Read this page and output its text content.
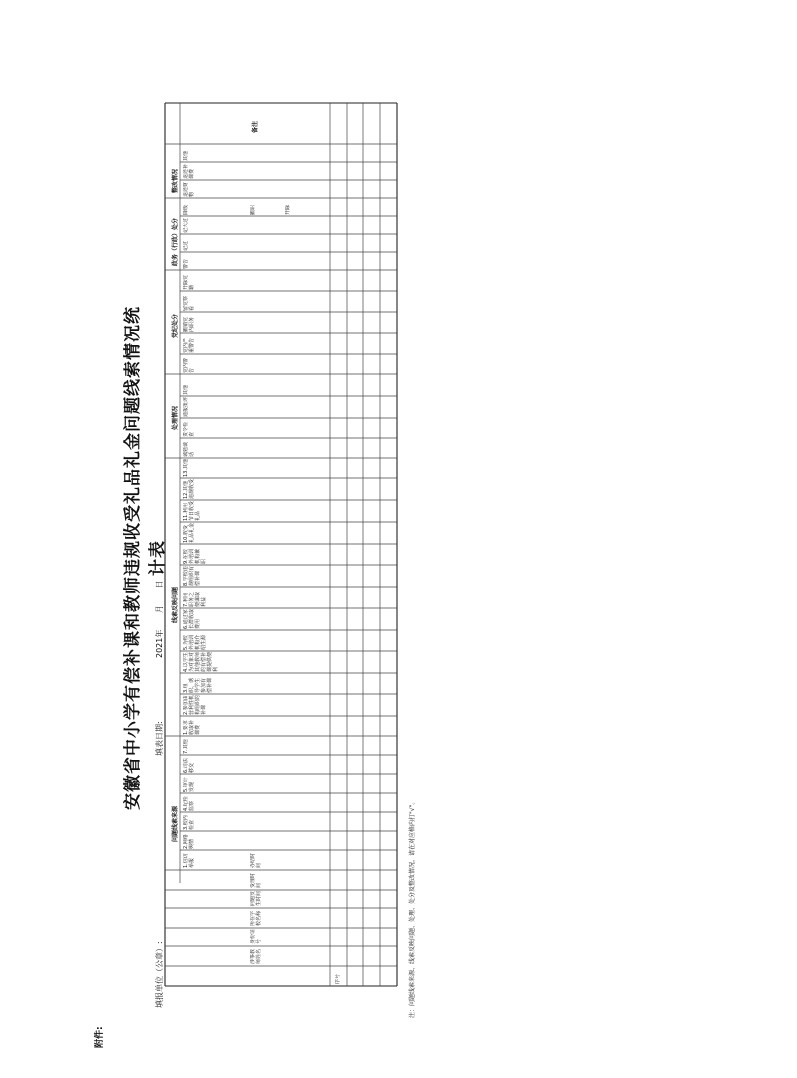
附件:
安徽省中小学有偿补课和教师违规收受礼品礼金问题线索情况统计表
填报单位（公章）:
填表日期:
2021年 月 日
序号
涉事教师姓名
身份证号
所在学校名称
问题发生时间
受理时间
办结时间
问题线索来源
线索反映问题
处理情况
党纪处分
政务（行政）处分
整改情况
备注
1.信访举报
2.网络舆情
3.校内检查
4.纪检监察
5.审计发现
6.司法移交
7.其他
1.要求收取补课费
2.参加由营利性机构组织的补课
3.组织、诱导学生参加有偿补课
4.以学生为对象对其他教师的有偿补课提供便利
5.为校外培训机构介绍生源
6.通过家长群收取费用
7.利用职务之便谋取利益
8.学校违规组织有偿补课
9.在校外培训机构兼职
10.收受礼品礼金
11.利用节日收受礼品
12.其他违规收受
13.其他
诫勉谈话
责令检查
通报批评
其他
党内警告
党内严重警告
撤销党内职务
留党察看
开除党籍
警告
记过
记大过
降级	撤职	开除
退还财物
退还补课费
其他
注：问题线索来源、线索反映问题、处理、处分及整改情况，请在对应格内打"√"。
